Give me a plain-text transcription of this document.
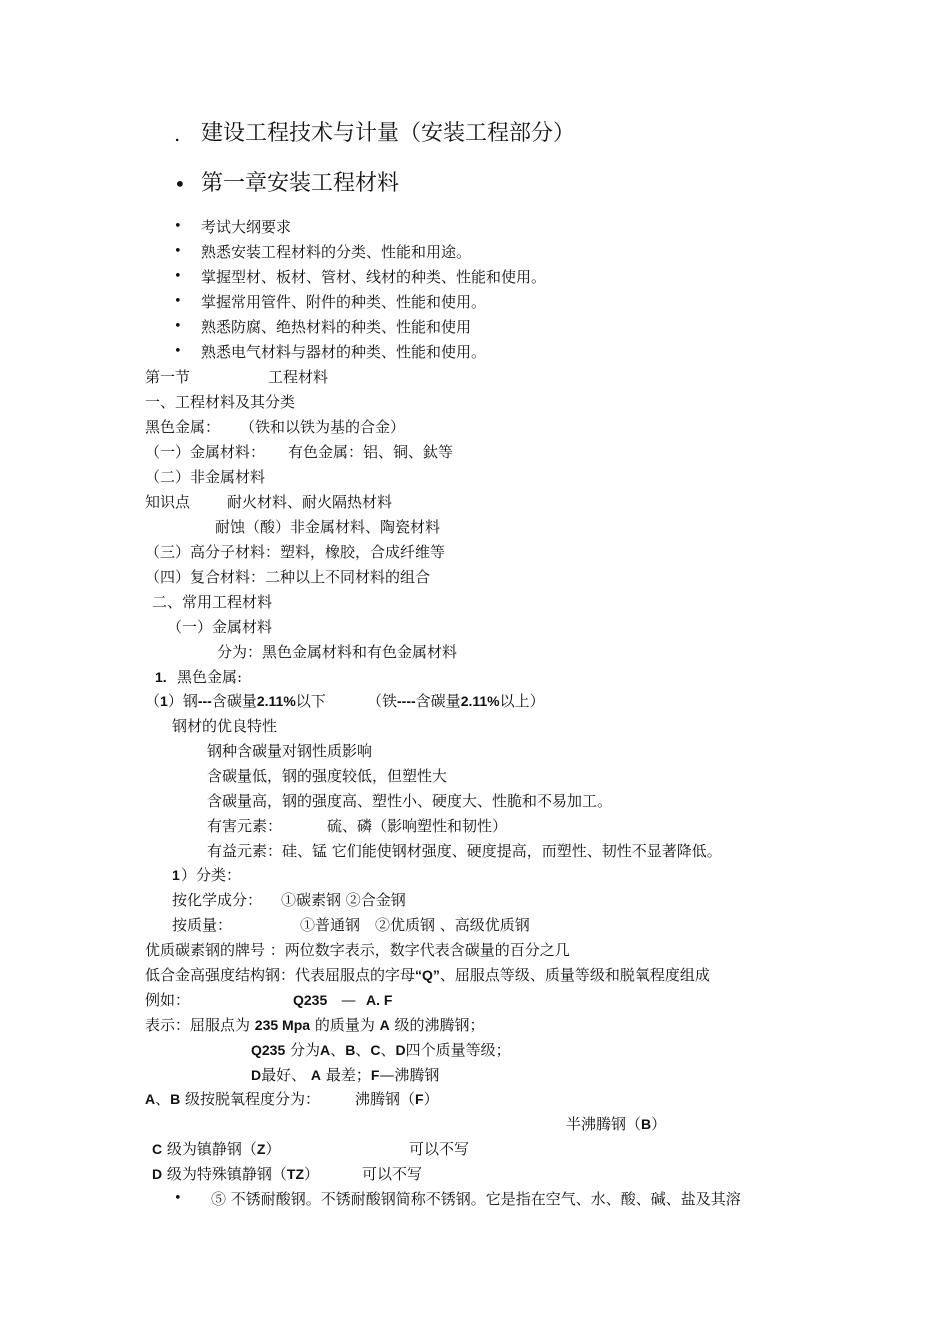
. 建设工程技术与计量（安装工程部分）
• 第一章安装工程材料
• 考试大纲要求
• 熟悉安装工程材料的分类、性能和用途。
• 掌握型材、板材、管材、线材的种类、性能和使用。
• 掌握常用管件、附件的种类、性能和使用。
• 熟悉防腐、绝热材料的种类、性能和使用
• 熟悉电气材料与器材的种类、性能和使用。
第一节	工程材料
一、工程材料及其分类
黑色金属： （铁和以铁为基的合金）
（一）金属材料： 有色金属：铝、铜、鈦等
（二）非金属材料
知识点 耐火材料、耐火隔热材料
耐蚀（酸）非金属材料、陶瓷材料
（三）高分子材料：塑料，橡胶，合成纤维等
（四）复合材料：二种以上不同材料的组合
二、常用工程材料
（一）金属材料
分为：黑色金属材料和有色金属材料
1. 黑色金属:
（1）钢---含碳量2.11%以下	（铁----含碳量2.11%以上）
钢材的优良特性
钢种含碳量对钢性质影响
含碳量低，钢的强度较低，但塑性大
含碳量高，钢的强度高、塑性小、硬度大、性脆和不易加工。
有害元素：	硫、磷（影响塑性和韧性）
有益元素：硅、锰 它们能使钢材强度、硬度提高，而塑性、韧性不显著降低。
1 ）分类：
按化学成分： ①碳素钢 ②合金钢
按质量：	①普通钢　②优质钢 、高级优质钢
优质碳素钢的牌号 ：两位数字表示，数字代表含碳量的百分之几
低合金高强度结构钢：代表屈服点的字母“Q”、屈服点等级、质量等级和脱氧程度组成
例如：	Q235 — A. F
表示：屈服点为 235 Mpa 的质量为 A 级的沸腾钢；
Q235 分为A、B、C、D四个质量等级；
D最好、 A 最差；F—沸腾钢
A、B 级按脱氧程度分为： 沸腾钢（F）
半沸腾钢（B）
C 级为镇静钢（Z）	可以不写
D 级为特殊镇静钢（TZ）	可以不写
• ⑤ 不锈耐酸钢。不锈耐酸钢简称不锈钢。它是指在空气、水、酸、碱、盐及其溶
